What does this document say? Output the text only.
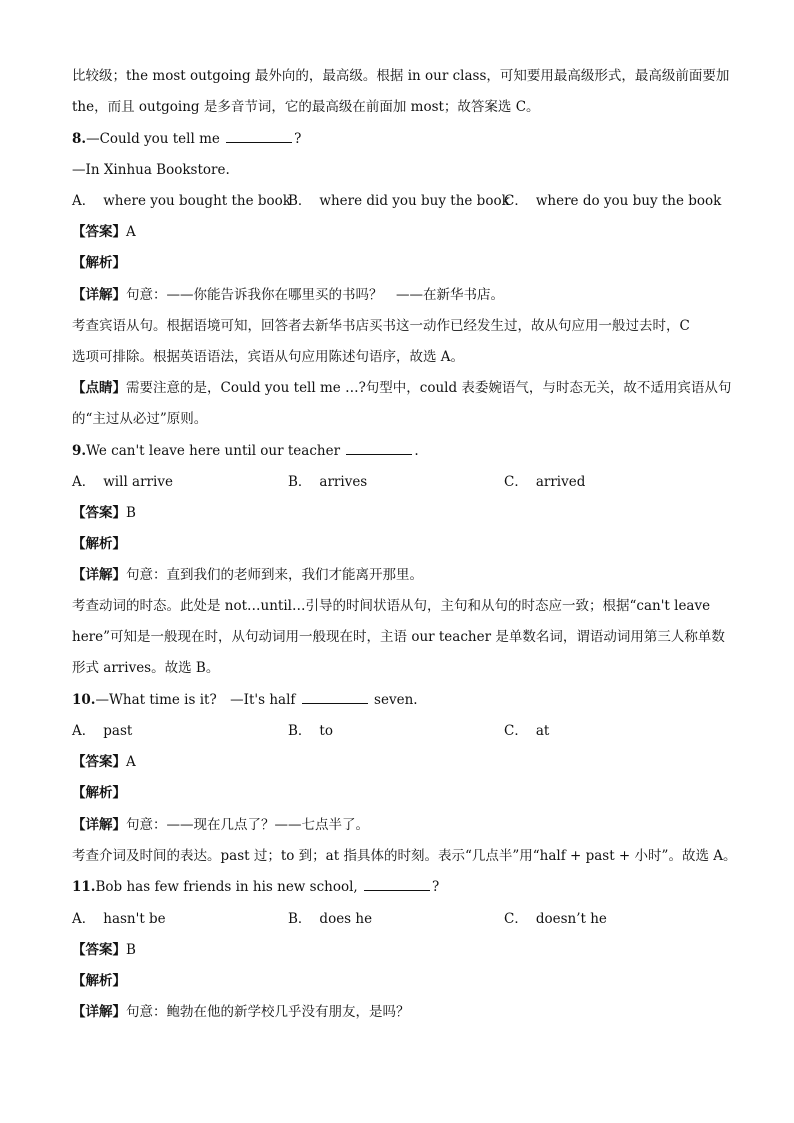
比较级；the most outgoing 最外向的，最高级。根据 in our class，可知要用最高级形式，最高级前面要加
the，而且 outgoing 是多音节词，它的最高级在前面加 most；故答案选 C。
8.—Could you tell me	?
—In Xinhua Bookstore.
A． where you bought the book
B． where did you buy the book
C． where do you buy the book
【答案】A
【解析】
【详解】句意：——你能告诉我你在哪里买的书吗？　——在新华书店。
考查宾语从句。根据语境可知，回答者去新华书店买书这一动作已经发生过，故从句应用一般过去时，C
选项可排除。根据英语语法，宾语从句应用陈述句语序，故选 A。
【点睛】需要注意的是，Could you tell me …?句型中，could 表委婉语气，与时态无关，故不适用宾语从句
的“主过从必过”原则。
9.We can't leave here until our teacher	.
A． will arrive	B． arrives	C． arrived
【答案】B
【解析】
【详解】句意：直到我们的老师到来，我们才能离开那里。
考查动词的时态。此处是 not…until…引导的时间状语从句，主句和从句的时态应一致；根据“can't leave
here”可知是一般现在时，从句动词用一般现在时，主语 our teacher 是单数名词，谓语动词用第三人称单数
形式 arrives。故选 B。
10.—What time is it?　—It's half	seven.
A． past	B． to	C． at
【答案】A
【解析】
【详解】句意：——现在几点了？——七点半了。
考查介词及时间的表达。past 过；to 到；at 指具体的时刻。表示“几点半”用“half + past + 小时”。故选 A。
11.Bob has few friends in his new school,	?
A． hasn't be	B． does he	C． doesn’t he
【答案】B
【解析】
【详解】句意：鲍勃在他的新学校几乎没有朋友，是吗？
